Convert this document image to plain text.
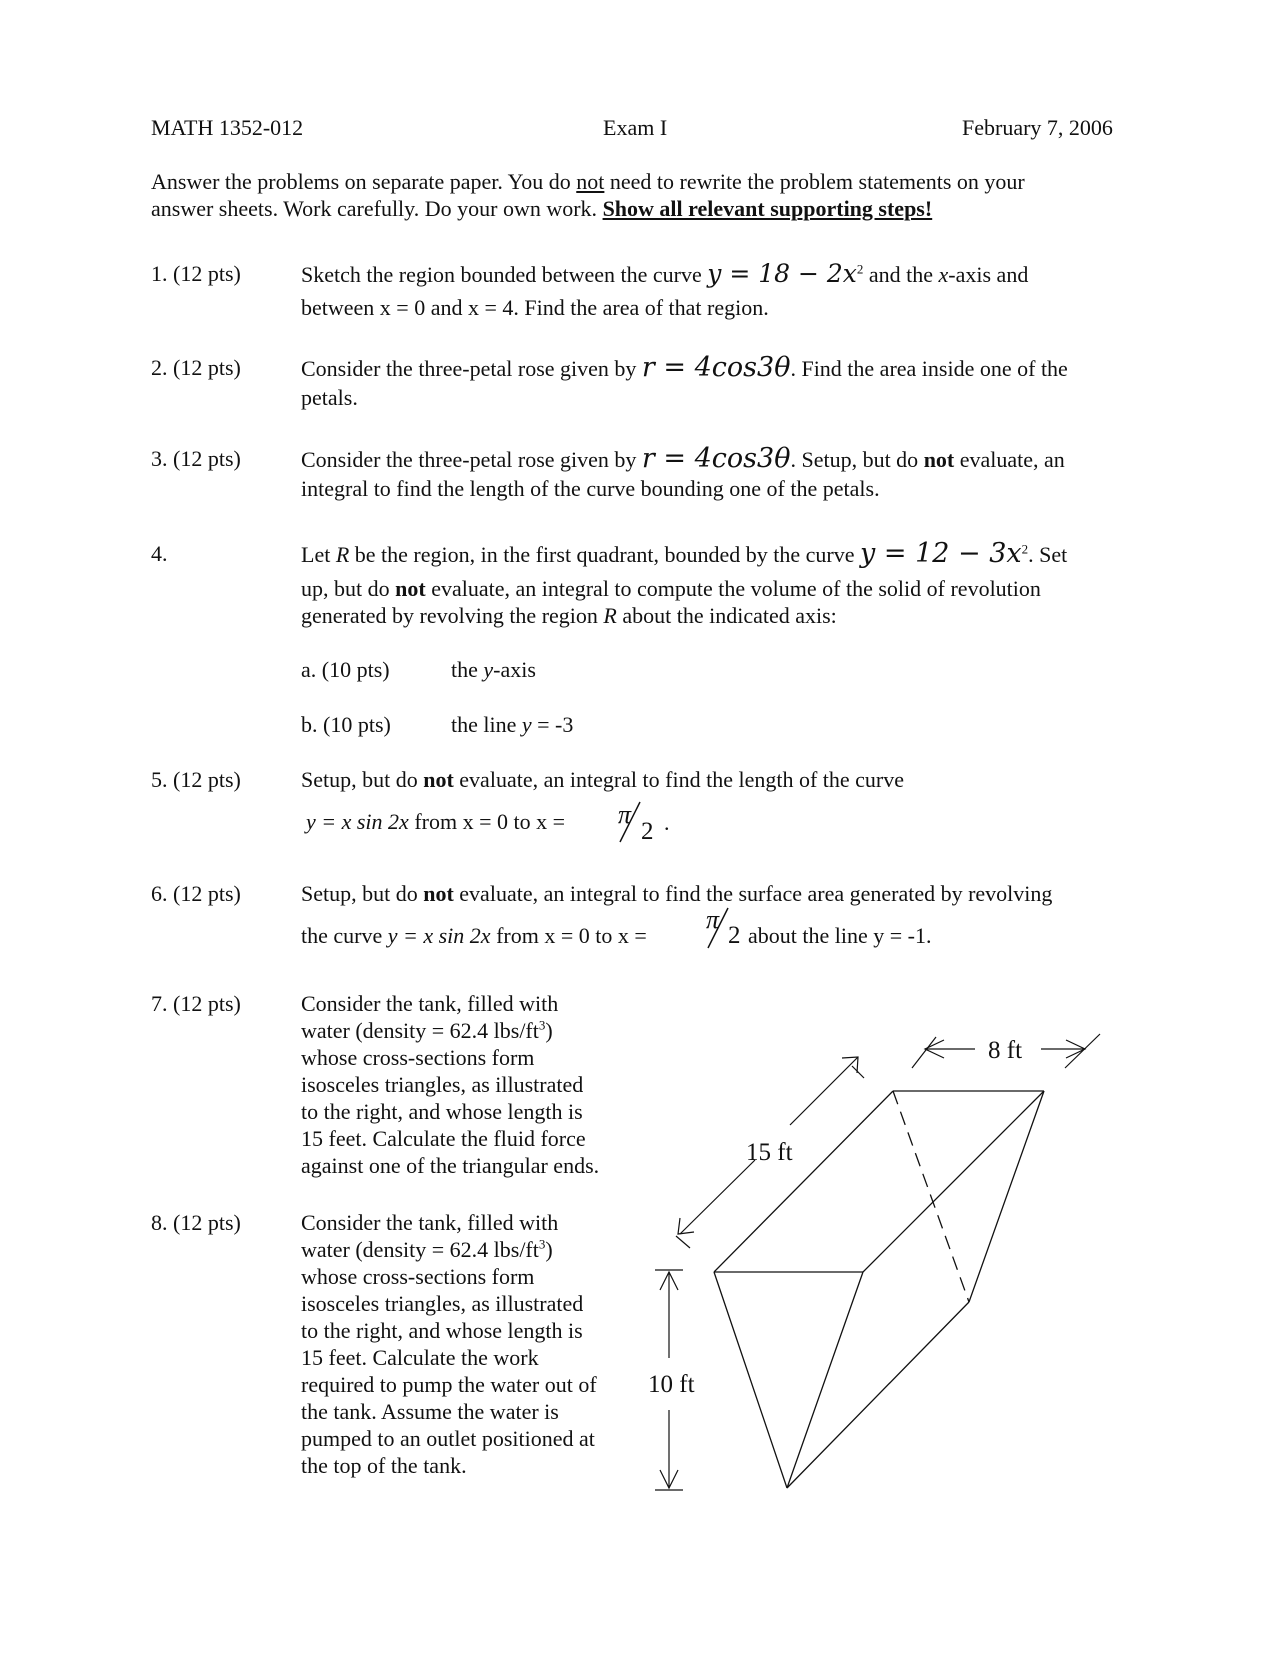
MATH 1352-012	Exam I	February 7, 2006
Answer the problems on separate paper. You do not need to rewrite the problem statements on your
answer sheets. Work carefully. Do your own work. Show all relevant supporting steps!
1. (12 pts)	Sketch the region bounded between the curve $y = 18 - 2x^2$ and the x-axis and
between x = 0 and x = 4. Find the area of that region.
2. (12 pts)	Consider the three-petal rose given by r = 4cos3θ. Find the area inside one of the
petals.
3. (12 pts)	Consider the three-petal rose given by r = 4cos3θ. Setup, but do not evaluate, an
integral to find the length of the curve bounding one of the petals.
4.	Let R be the region, in the first quadrant, bounded by the curve $y = 12 - 3x^2$. Set
up, but do not evaluate, an integral to compute the volume of the solid of revolution
generated by revolving the region R about the indicated axis:
a. (10 pts)	the y-axis
b. (10 pts)	the line y = -3
5. (12 pts)	Setup, but do not evaluate, an integral to find the length of the curve
y = x sin 2x from x = 0 to x = π
2 .
6. (12 pts)	Setup, but do not evaluate, an integral to find the surface area generated by revolving
the curve y = x sin 2x from x = 0 to x =
π
2 about the line y = -1.
7. (12 pts)	Consider the tank, filled with
water (density = 62.4 lbs/$ft^3$)
whose cross-sections form
isosceles triangles, as illustrated
to the right, and whose length is
15 feet. Calculate the fluid force
against one of the triangular ends.
8. (12 pts)	Consider the tank, filled with
water (density = 62.4 lbs/$ft^3$)
whose cross-sections form
isosceles triangles, as illustrated
to the right, and whose length is
15 feet. Calculate the work
required to pump the water out of
the tank. Assume the water is
pumped to an outlet positioned at
the top of the tank.
15 ft
8 ft
10 ft
